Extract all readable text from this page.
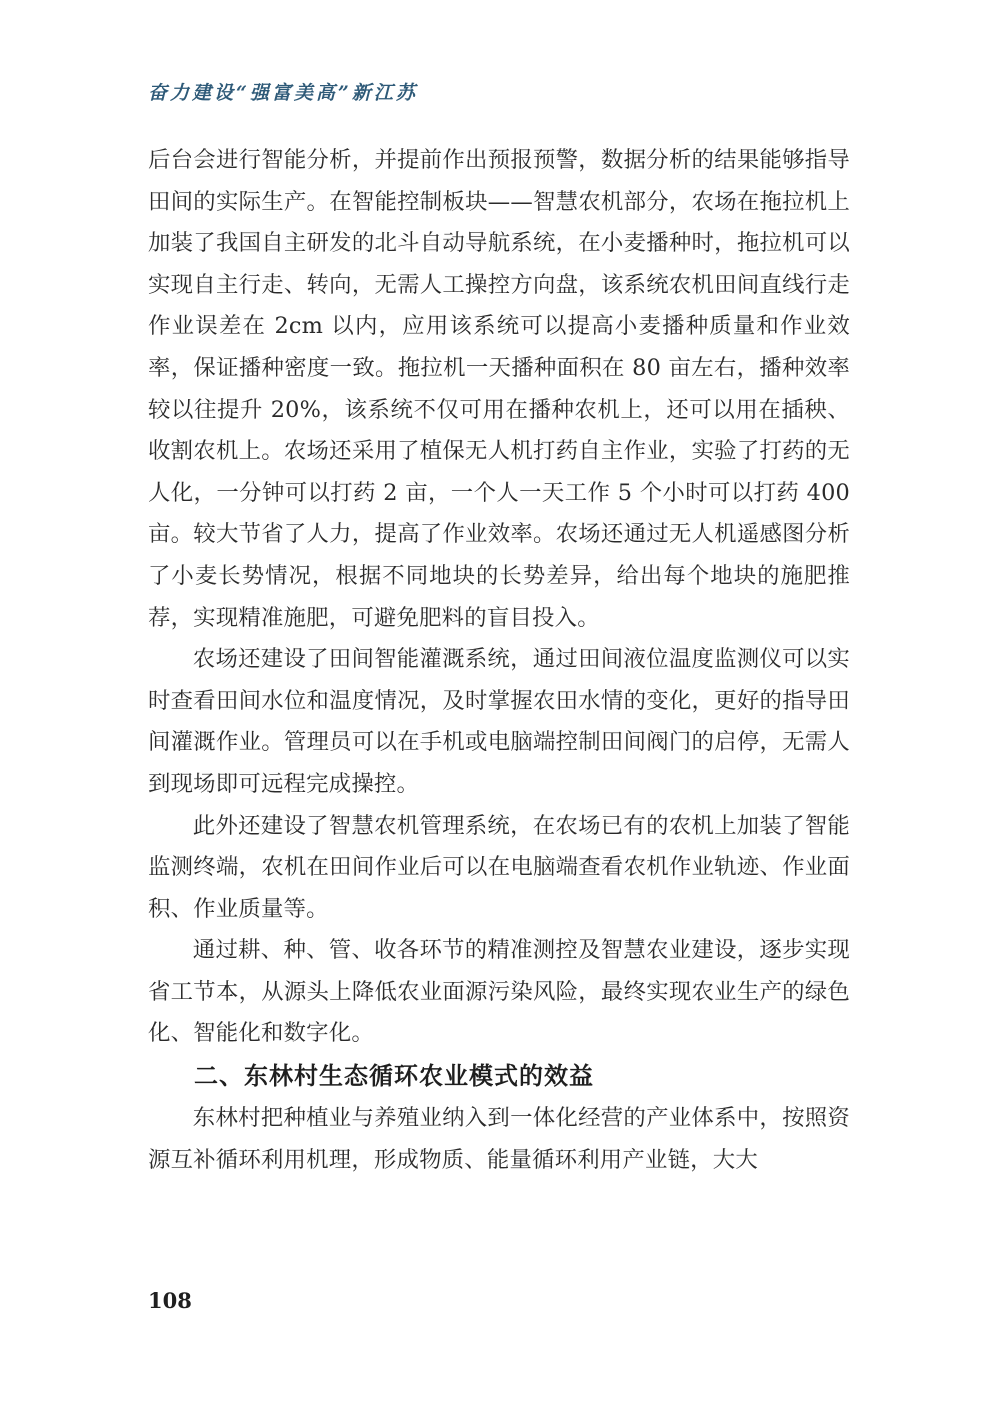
奋力建设“强富美高”新江苏

后台会进行智能分析，并提前作出预报预警，数据分析的结果能够指导田间的实际生产。在智能控制板块——智慧农机部分，农场在拖拉机上加装了我国自主研发的北斗自动导航系统，在小麦播种时，拖拉机可以实现自主行走、转向，无需人工操控方向盘，该系统农机田间直线行走作业误差在 2cm 以内，应用该系统可以提高小麦播种质量和作业效率，保证播种密度一致。拖拉机一天播种面积在 80 亩左右，播种效率较以往提升 20%，该系统不仅可用在播种农机上，还可以用在插秧、收割农机上。农场还采用了植保无人机打药自主作业，实验了打药的无人化，一分钟可以打药 2 亩，一个人一天工作 5 个小时可以打药 400 亩。较大节省了人力，提高了作业效率。农场还通过无人机遥感图分析了小麦长势情况，根据不同地块的长势差异，给出每个地块的施肥推荐，实现精准施肥，可避免肥料的盲目投入。

农场还建设了田间智能灌溉系统，通过田间液位温度监测仪可以实时查看田间水位和温度情况，及时掌握农田水情的变化，更好的指导田间灌溉作业。管理员可以在手机或电脑端控制田间阀门的启停，无需人到现场即可远程完成操控。

此外还建设了智慧农机管理系统，在农场已有的农机上加装了智能监测终端，农机在田间作业后可以在电脑端查看农机作业轨迹、作业面积、作业质量等。

通过耕、种、管、收各环节的精准测控及智慧农业建设，逐步实现省工节本，从源头上降低农业面源污染风险，最终实现农业生产的绿色化、智能化和数字化。

二、东林村生态循环农业模式的效益

东林村把种植业与养殖业纳入到一体化经营的产业体系中，按照资源互补循环利用机理，形成物质、能量循环利用产业链，大大

108
